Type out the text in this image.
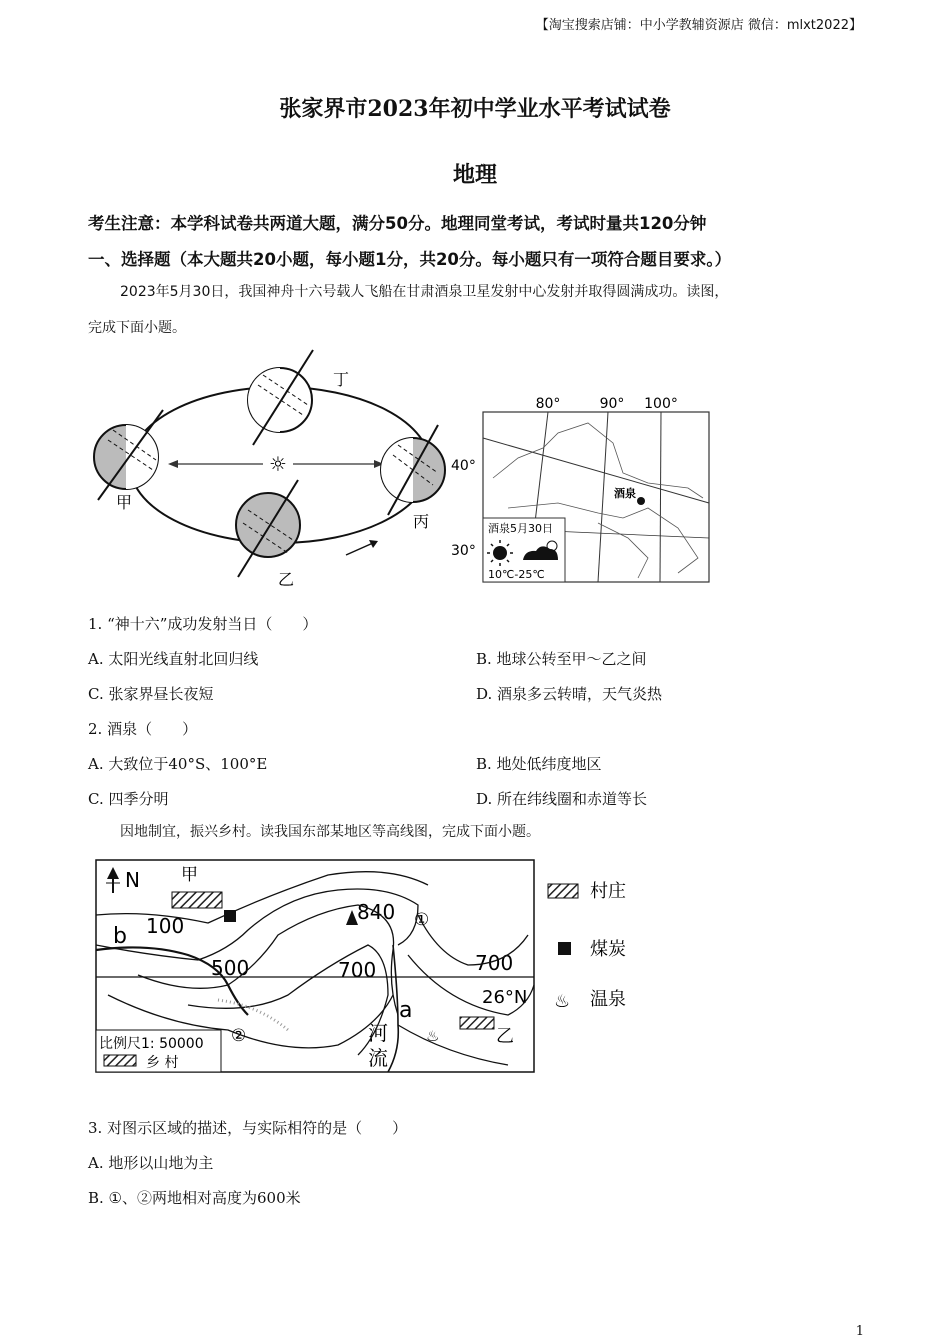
【淘宝搜索店铺：中小学教辅资源店 微信：mlxt2022】
张家界市2023年初中学业水平考试试卷
地理
考生注意：本学科试卷共两道大题，满分50分。地理同堂考试，考试时量共120分钟
一、选择题（本大题共20小题，每小题1分，共20分。每小题只有一项符合题目要求。）
2023年5月30日，我国神舟十六号载人飞船在甘肃酒泉卫星发射中心发射并取得圆满成功。读图，
完成下面小题。
☼
丁
甲
丙
乙
80°	90° 100°
40°
30°
酒泉
酒泉5月30日
10℃-25℃
1. “神十六”成功发射当日（　　）
A. 太阳光线直射北回归线	B. 地球公转至甲～乙之间
C. 张家界昼长夜短	D. 酒泉多云转晴，天气炎热
2. 酒泉（　　）
A. 大致位于40°S、100°E	B. 地处低纬度地区
C. 四季分明	D. 所在纬线圈和赤道等长
因地制宜，振兴乡村。读我国东部某地区等高线图，完成下面小题。
N 甲
b 100
500	700	700
840 ①
②
26°N
a
河
流
乙
♨
比例尺1: 50000
乡 村
村庄
煤炭
♨ 温泉
3. 对图示区域的描述，与实际相符的是（　　）
A. 地形以山地为主
B. ①、②两地相对高度为600米
1
